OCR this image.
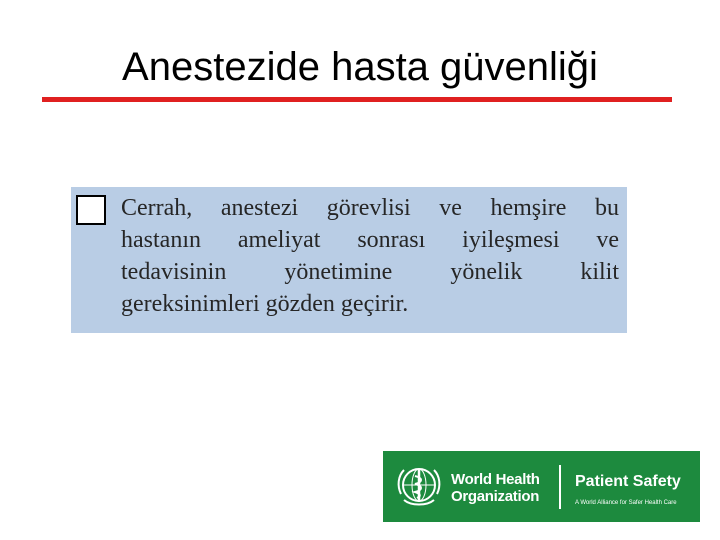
Anestezide hasta güvenliği

Cerrah, anestezi görevlisi ve hemşire bu
hastanın ameliyat sonrası iyileşmesi ve
tedavisinin yönetimine yönelik kilit
gereksinimleri gözden geçirir.

World Health
Organization
Patient Safety
A World Alliance for Safer Health Care
